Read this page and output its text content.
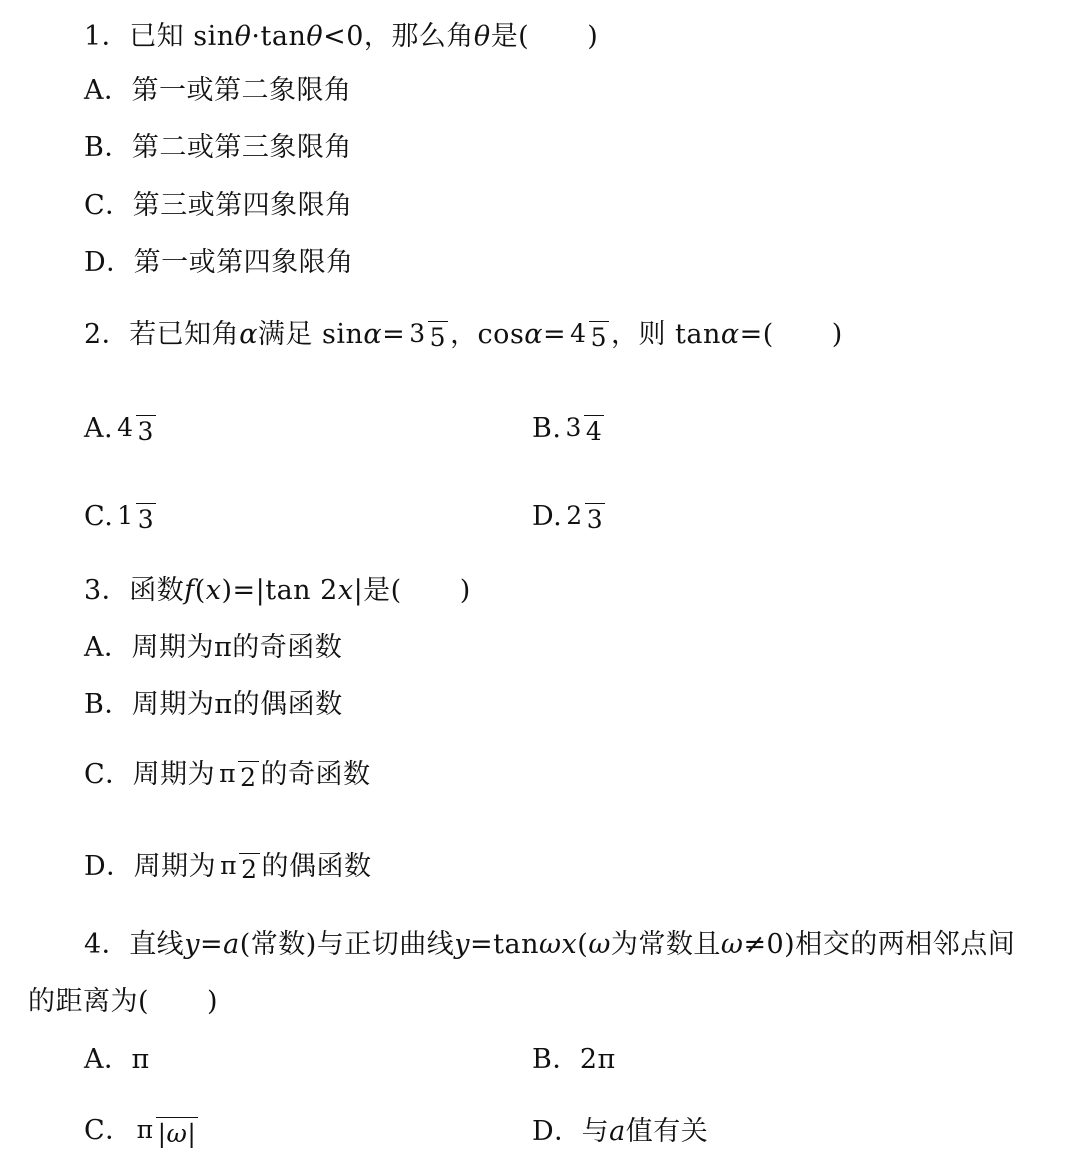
1．已知 sinθ·tanθ<0，那么角θ是( )
A．第一或第二象限角
B．第二或第三象限角
C．第三或第四象限角
D．第一或第四象限角
2． 若已知角 α 满足 sin α = 3 5 ，cos α = 4 5 ，则 tan α =( )
A. 4 3	B. 3 4
C. 1 3	D. 2 3
3．函数f(x)=|tan 2x|是( )
A．周期为π的奇函数
B．周期为π的偶函数
C． 周期为 π 2 的奇函数
D． 周期为 π 2 的偶函数
4．直线y=a(常数)与正切曲线y=tanωx(ω为常数且ω≠0)相交的两相邻点间
的距离为( )
A．π	B．2π
C． π |ω|	D．与a值有关
